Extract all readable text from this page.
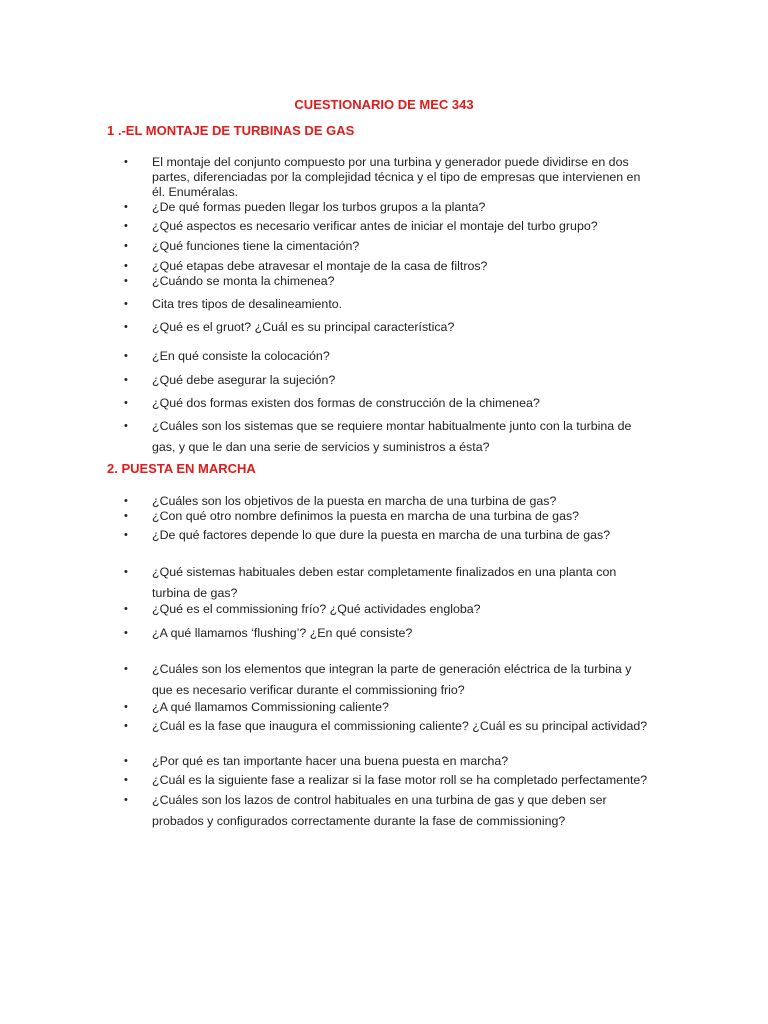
CUESTIONARIO DE MEC 343
1 .-EL MONTAJE DE TURBINAS DE GAS
• El montaje del conjunto compuesto por una turbina y generador puede dividirse en dos partes, diferenciadas por la complejidad técnica y el tipo de empresas que intervienen en él. Enuméralas.
• ¿De qué formas pueden llegar los turbos grupos a la planta?
• ¿Qué aspectos es necesario verificar antes de iniciar el montaje del turbo grupo?
• ¿Qué funciones tiene la cimentación?
• ¿Qué etapas debe atravesar el montaje de la casa de filtros?
• ¿Cuándo se monta la chimenea?
• Cita tres tipos de desalineamiento.
• ¿Qué es el gruot? ¿Cuál es su principal característica?
• ¿En qué consiste la colocación?
• ¿Qué debe asegurar la sujeción?
• ¿Qué dos formas existen dos formas de construcción de la chimenea?
• ¿Cuáles son los sistemas que se requiere montar habitualmente junto con la turbina de gas, y que le dan una serie de servicios y suministros a ésta?
2. PUESTA EN MARCHA
• ¿Cuáles son los objetivos de la puesta en marcha de una turbina de gas?
• ¿Con qué otro nombre definimos la puesta en marcha de una turbina de gas?
• ¿De qué factores depende lo que dure la puesta en marcha de una turbina de gas?
• ¿Qué sistemas habituales deben estar completamente finalizados en una planta con turbina de gas?
• ¿Qué es el commissioning frío? ¿Qué actividades engloba?
• ¿A qué llamamos ‘flushing’? ¿En qué consiste?
• ¿Cuáles son los elementos que integran la parte de generación eléctrica de la turbina y que es necesario verificar durante el commissioning frio?
• ¿A qué llamamos Commissioning caliente?
• ¿Cuál es la fase que inaugura el commissioning caliente? ¿Cuál es su principal actividad?
• ¿Por qué es tan importante hacer una buena puesta en marcha?
• ¿Cuál es la siguiente fase a realizar si la fase motor roll se ha completado perfectamente?
• ¿Cuáles son los lazos de control habituales en una turbina de gas y que deben ser probados y configurados correctamente durante la fase de commissioning?
